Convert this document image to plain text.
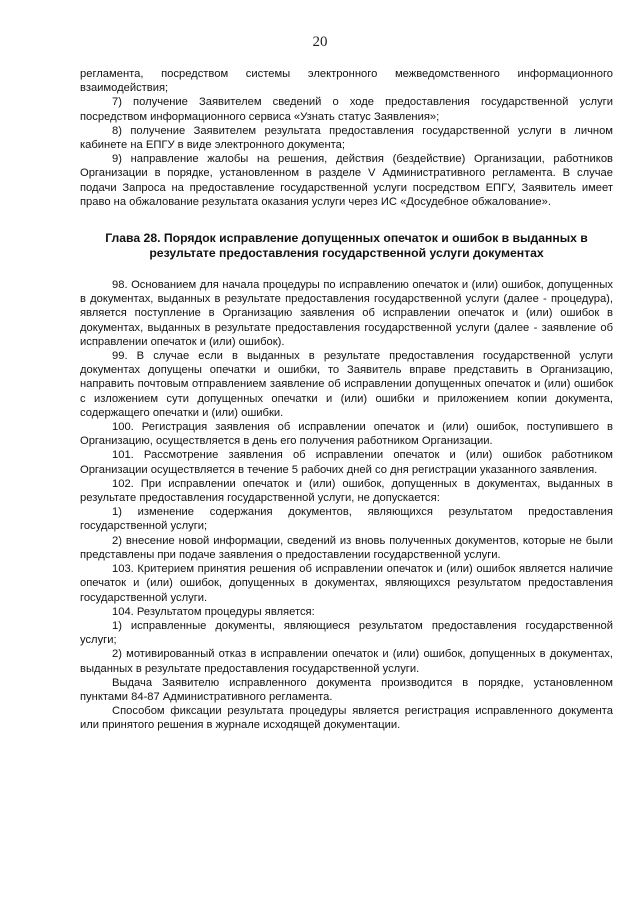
20

регламента, посредством системы электронного межведомственного информационного взаимодействия;

7) получение Заявителем сведений о ходе предоставления государственной услуги посредством информационного сервиса «Узнать статус Заявления»;

8) получение Заявителем результата предоставления государственной услуги в личном кабинете на ЕПГУ в виде электронного документа;

9) направление жалобы на решения, действия (бездействие) Организации, работников Организации в порядке, установленном в разделе V Административного регламента. В случае подачи Запроса на предоставление государственной услуги посредством ЕПГУ, Заявитель имеет право на обжалование результата оказания услуги через ИС «Досудебное обжалование».

Глава 28. Порядок исправление допущенных опечаток и ошибок в выданных в результате предоставления государственной услуги документах

98. Основанием для начала процедуры по исправлению опечаток и (или) ошибок, допущенных в документах, выданных в результате предоставления государственной услуги (далее - процедура), является поступление в Организацию заявления об исправлении опечаток и (или) ошибок в документах, выданных в результате предоставления государственной услуги (далее - заявление об исправлении опечаток и (или) ошибок).

99. В случае если в выданных в результате предоставления государственной услуги документах допущены опечатки и ошибки, то Заявитель вправе представить в Организацию, направить почтовым отправлением заявление об исправлении допущенных опечаток и (или) ошибок с изложением сути допущенных опечатки и (или) ошибки и приложением копии документа, содержащего опечатки и (или) ошибки.

100. Регистрация заявления об исправлении опечаток и (или) ошибок, поступившего в Организацию, осуществляется в день его получения работником Организации.

101. Рассмотрение заявления об исправлении опечаток и (или) ошибок работником Организации осуществляется в течение 5 рабочих дней со дня регистрации указанного заявления.

102. При исправлении опечаток и (или) ошибок, допущенных в документах, выданных в результате предоставления государственной услуги, не допускается:

1) изменение содержания документов, являющихся результатом предоставления государственной услуги;

2) внесение новой информации, сведений из вновь полученных документов, которые не были представлены при подаче заявления о предоставлении государственной услуги.

103. Критерием принятия решения об исправлении опечаток и (или) ошибок является наличие опечаток и (или) ошибок, допущенных в документах, являющихся результатом предоставления государственной услуги.

104. Результатом процедуры является:

1) исправленные документы, являющиеся результатом предоставления государственной услуги;

2) мотивированный отказ в исправлении опечаток и (или) ошибок, допущенных в документах, выданных в результате предоставления государственной услуги.

Выдача Заявителю исправленного документа производится в порядке, установленном пунктами 84-87 Административного регламента.

Способом фиксации результата процедуры является регистрация исправленного документа или принятого решения в журнале исходящей документации.
